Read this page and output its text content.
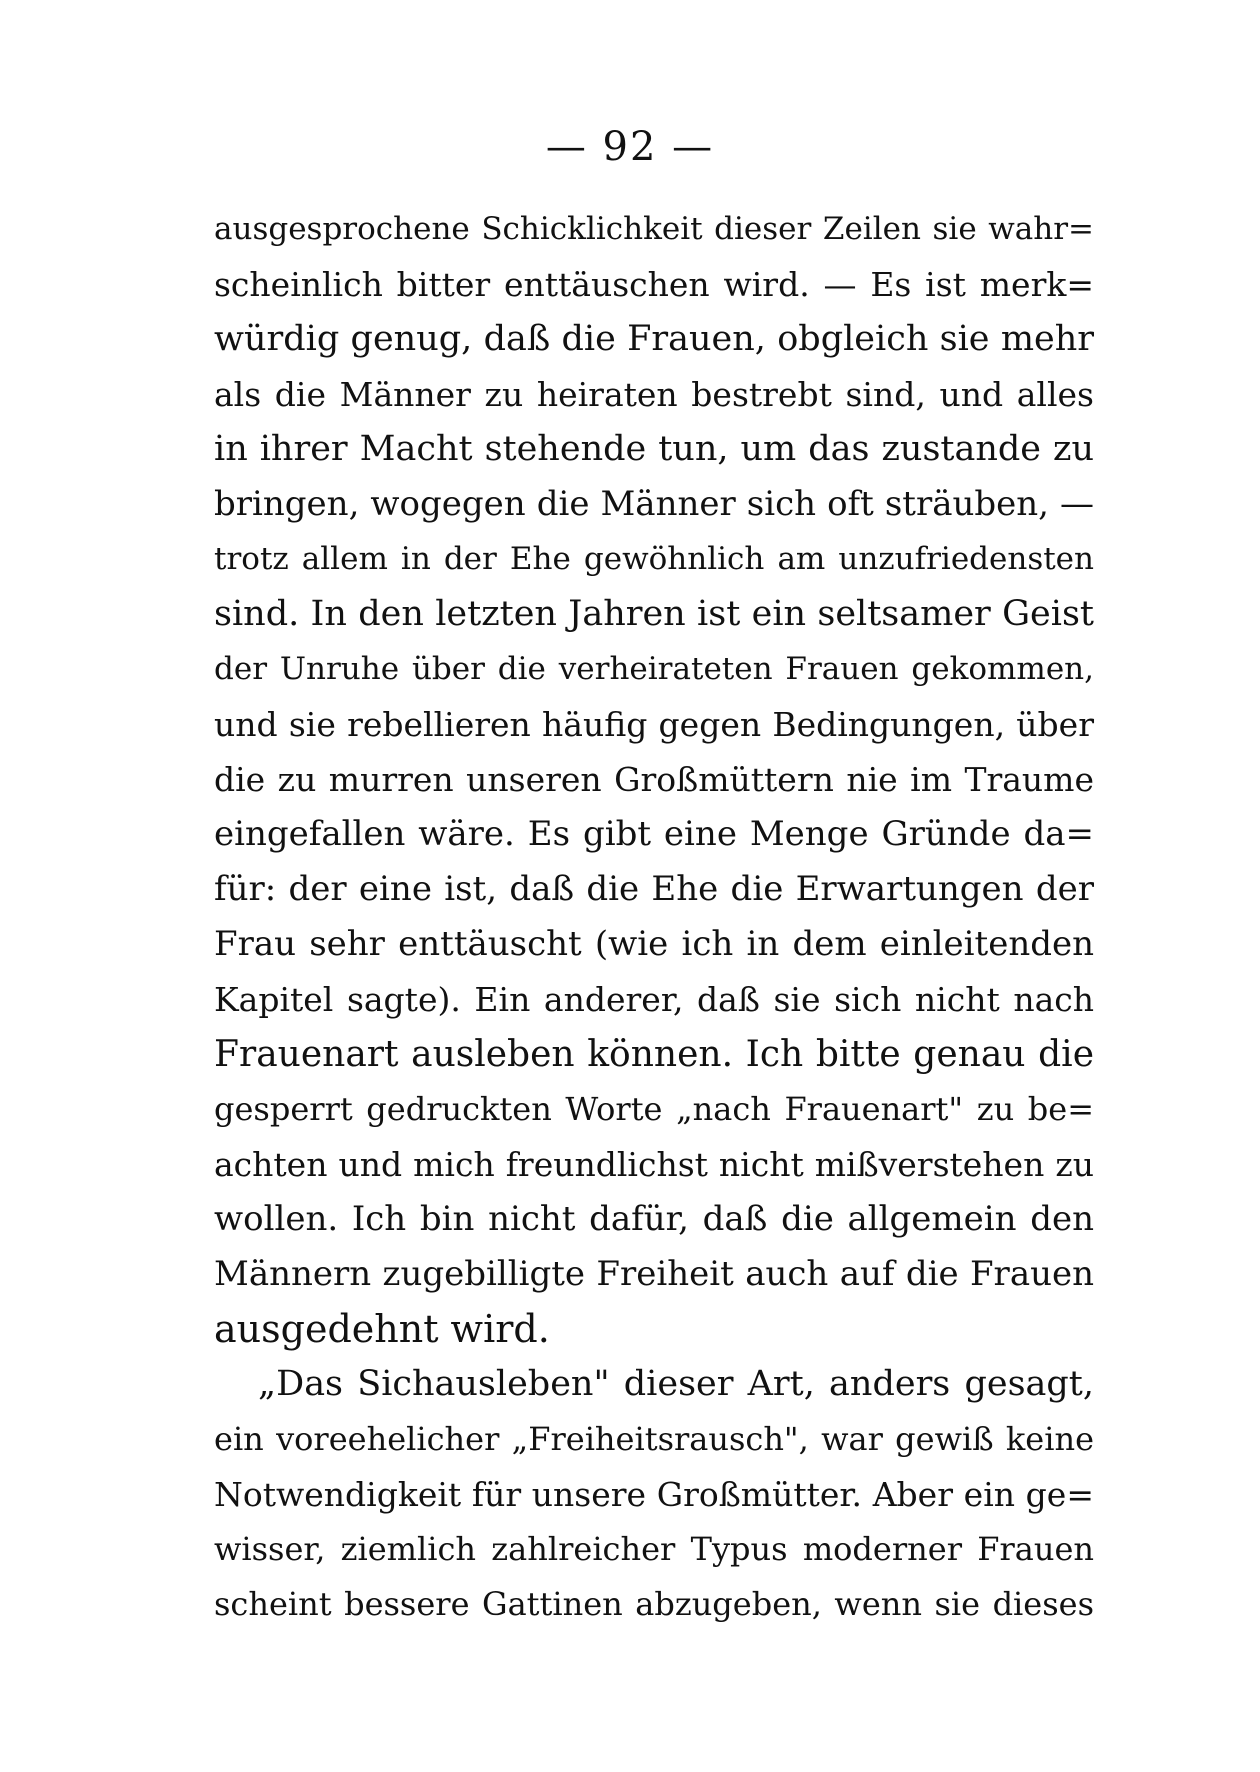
— 92 —
ausgesprochene Schicklichkeit dieser Zeilen sie wahr=
scheinlich bitter enttäuschen wird. — Es ist merk=
würdig genug, daß die Frauen, obgleich sie mehr
als die Männer zu heiraten bestrebt sind, und alles
in ihrer Macht stehende tun, um das zustande zu
bringen, wogegen die Männer sich oft sträuben, —
trotz allem in der Ehe gewöhnlich am unzufriedensten
sind. In den letzten Jahren ist ein seltsamer Geist
der Unruhe über die verheirateten Frauen gekommen,
und sie rebellieren häufig gegen Bedingungen, über
die zu murren unseren Großmüttern nie im Traume
eingefallen wäre. Es gibt eine Menge Gründe da=
für: der eine ist, daß die Ehe die Erwartungen der
Frau sehr enttäuscht (wie ich in dem einleitenden
Kapitel sagte). Ein anderer, daß sie sich nicht nach
Frauenart ausleben können. Ich bitte genau die
gesperrt gedruckten Worte „nach Frauenart" zu be=
achten und mich freundlichst nicht mißverstehen zu
wollen. Ich bin nicht dafür, daß die allgemein den
Männern zugebilligte Freiheit auch auf die Frauen
ausgedehnt wird.
„Das Sichausleben" dieser Art, anders gesagt,
ein voreehelicher „Freiheitsrausch", war gewiß keine
Notwendigkeit für unsere Großmütter. Aber ein ge=
wisser, ziemlich zahlreicher Typus moderner Frauen
scheint bessere Gattinen abzugeben, wenn sie dieses
